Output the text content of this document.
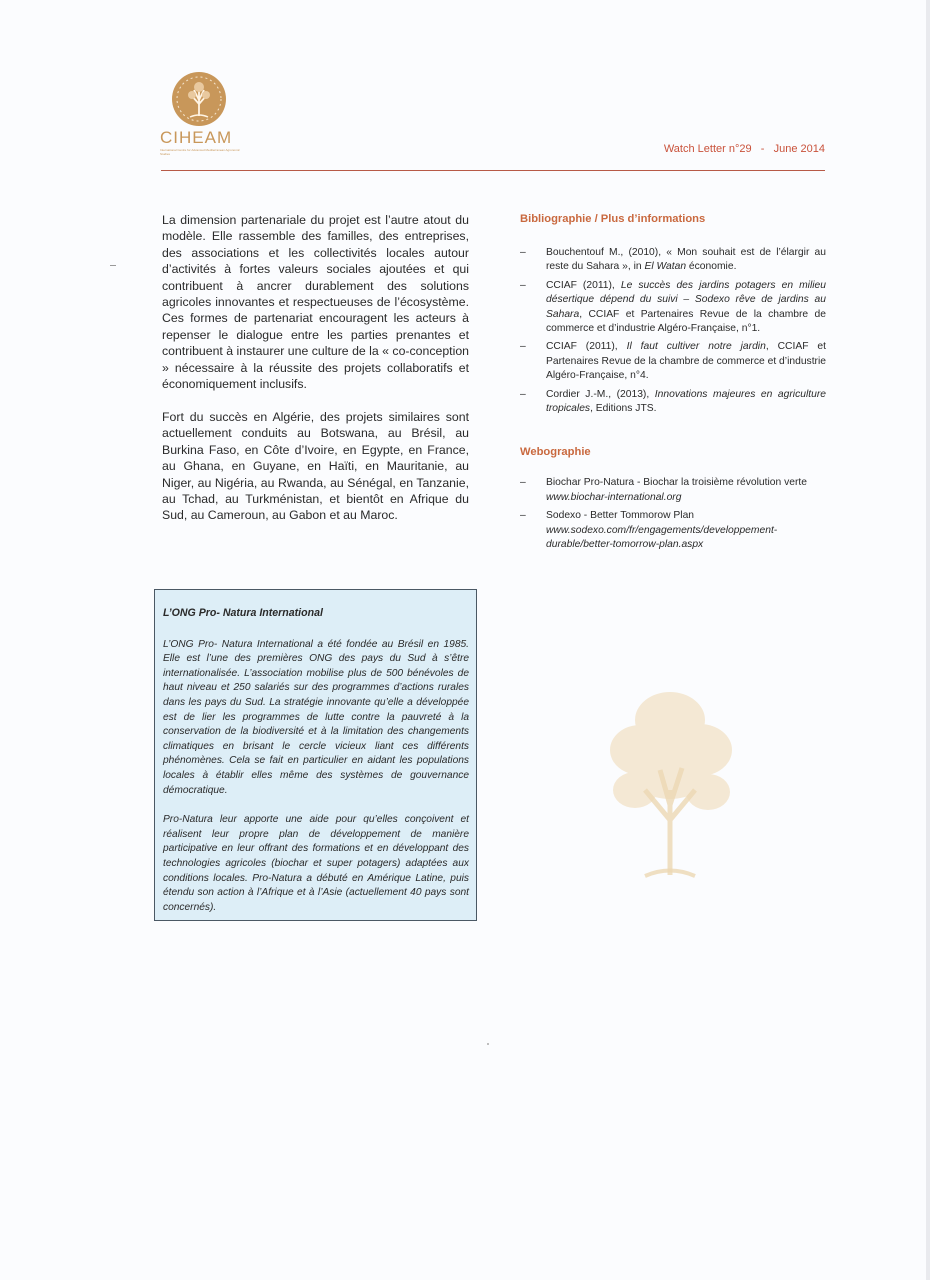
CIHEAM
International Centre for Advanced Mediterranean Agronomic Studies	Watch Letter n°29 - June 2014

La dimension partenariale du projet est l’autre atout du modèle. Elle rassemble des familles, des entreprises, des associations et les collectivités locales autour d’activités à fortes valeurs sociales ajoutées et qui contribuent à ancrer durablement des solutions agricoles innovantes et respectueuses de l’écosystème. Ces formes de partenariat encouragent les acteurs à repenser le dialogue entre les parties prenantes et contribuent à instaurer une culture de la « co-conception » nécessaire à la réussite des projets collaboratifs et économiquement inclusifs.

Fort du succès en Algérie, des projets similaires sont actuellement conduits au Botswana, au Brésil, au Burkina Faso, en Côte d’Ivoire, en Egypte, en France, au Ghana, en Guyane, en Haïti, en Mauritanie, au Niger, au Nigéria, au Rwanda, au Sénégal, en Tanzanie, au Tchad, au Turkménistan, et bientôt en Afrique du Sud, au Cameroun, au Gabon et au Maroc.

Bibliographie / Plus d’informations
– Bouchentouf M., (2010), « Mon souhait est de l’élargir au reste du Sahara », in El Watan économie.
– CCIAF (2011), Le succès des jardins potagers en milieu désertique dépend du suivi – Sodexo rêve de jardins au Sahara, CCIAF et Partenaires Revue de la chambre de commerce et d’industrie Algéro-Française, n°1.
– CCIAF (2011), Il faut cultiver notre jardin, CCIAF et Partenaires Revue de la chambre de commerce et d’industrie Algéro-Française, n°4.
– Cordier J.-M., (2013), Innovations majeures en agriculture tropicales, Editions JTS.
Webographie
– Biochar Pro-Natura - Biochar la troisième révolution verte
www.biochar-international.org
– Sodexo - Better Tommorow Plan
www.sodexo.com/fr/engagements/developpement-durable/better-tomorrow-plan.aspx

L’ONG Pro- Natura International

L’ONG Pro- Natura International a été fondée au Brésil en 1985. Elle est l’une des premières ONG des pays du Sud à s’être internationalisée. L’association mobilise plus de 500 bénévoles de haut niveau et 250 salariés sur des programmes d’actions rurales dans les pays du Sud. La stratégie innovante qu’elle a développée est de lier les programmes de lutte contre la pauvreté à la conservation de la biodiversité et à la limitation des changements climatiques en brisant le cercle vicieux liant ces différents phénomènes. Cela se fait en particulier en aidant les populations locales à établir elles même des systèmes de gouvernance démocratique.

Pro-Natura leur apporte une aide pour qu’elles conçoivent et réalisent leur propre plan de développement de manière participative en leur offrant des formations et en développant des technologies agricoles (biochar et super potagers) adaptées aux conditions locales. Pro-Natura a débuté en Amérique Latine, puis étendu son action à l’Afrique et à l’Asie (actuellement 40 pays sont concernés).
